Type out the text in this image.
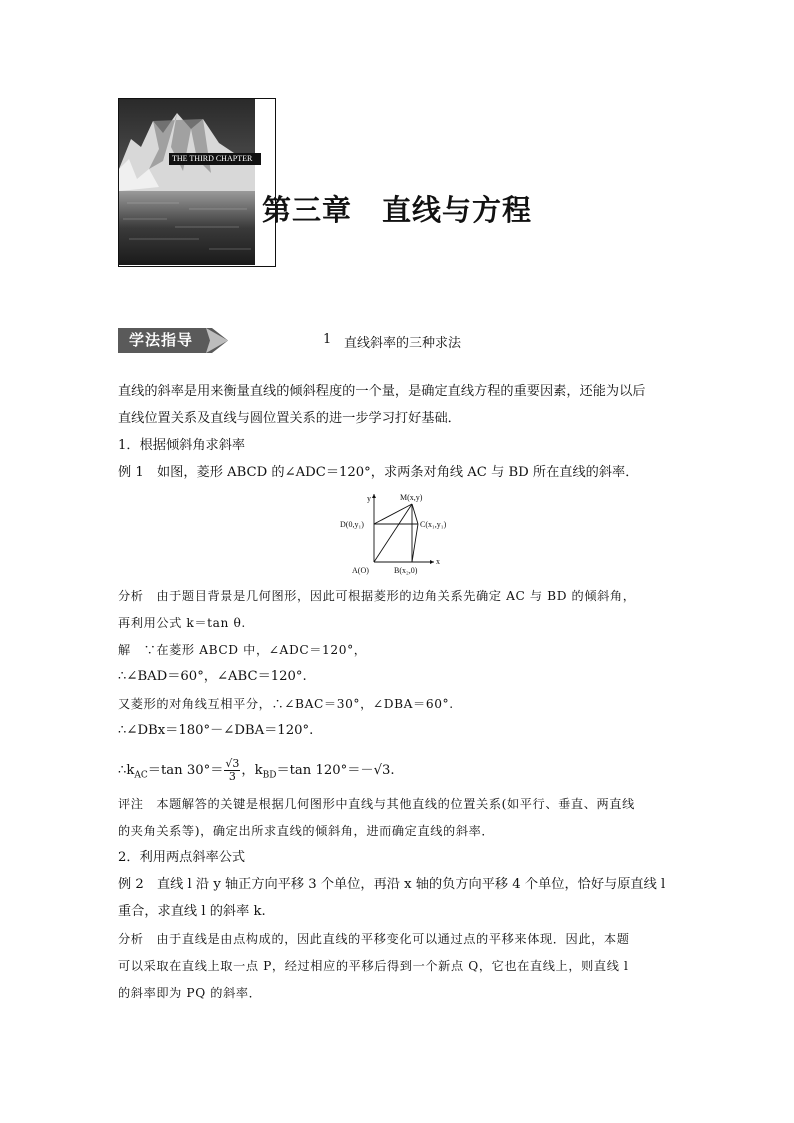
THE THIRD CHAPTER
第三章　直线与方程
学法指导	1 直线斜率的三种求法
直线的斜率是用来衡量直线的倾斜程度的一个量，是确定直线方程的重要因素，还能为以后
直线位置关系及直线与圆位置关系的进一步学习打好基础．
1．根据倾斜角求斜率
例 1　如图，菱形 ABCD 的∠ADC＝120°，求两条对角线 AC 与 BD 所在直线的斜率．
y
x
M(x,y)
D(0,y₁)	C(x₁,y₁)
A(O)	B(x₂,0)
分析　由于题目背景是几何图形，因此可根据菱形的边角关系先确定 AC 与 BD 的倾斜角，
再利用公式 k＝tan θ.
解　∵在菱形 ABCD 中，∠ADC＝120°，
∴∠BAD＝60°，∠ABC＝120°.
又菱形的对角线互相平分，∴∠BAC＝30°，∠DBA＝60°.
∴∠DBx＝180°－∠DBA＝120°.
$\therefore k_{AC}=\tan$ $30^\circ= \frac{√3}{3}$ ，$k_{BD}=\tan$ 120°＝－√3.
评注　本题解答的关键是根据几何图形中直线与其他直线的位置关系(如平行、垂直、两直线
的夹角关系等)，确定出所求直线的倾斜角，进而确定直线的斜率．
2．利用两点斜率公式
例 2　直线 l 沿 y 轴正方向平移 3 个单位，再沿 x 轴的负方向平移 4 个单位，恰好与原直线 l
重合，求直线 l 的斜率 k.
分析　由于直线是由点构成的，因此直线的平移变化可以通过点的平移来体现．因此，本题
可以采取在直线上取一点 P，经过相应的平移后得到一个新点 Q，它也在直线上，则直线 l
的斜率即为 PQ 的斜率．
